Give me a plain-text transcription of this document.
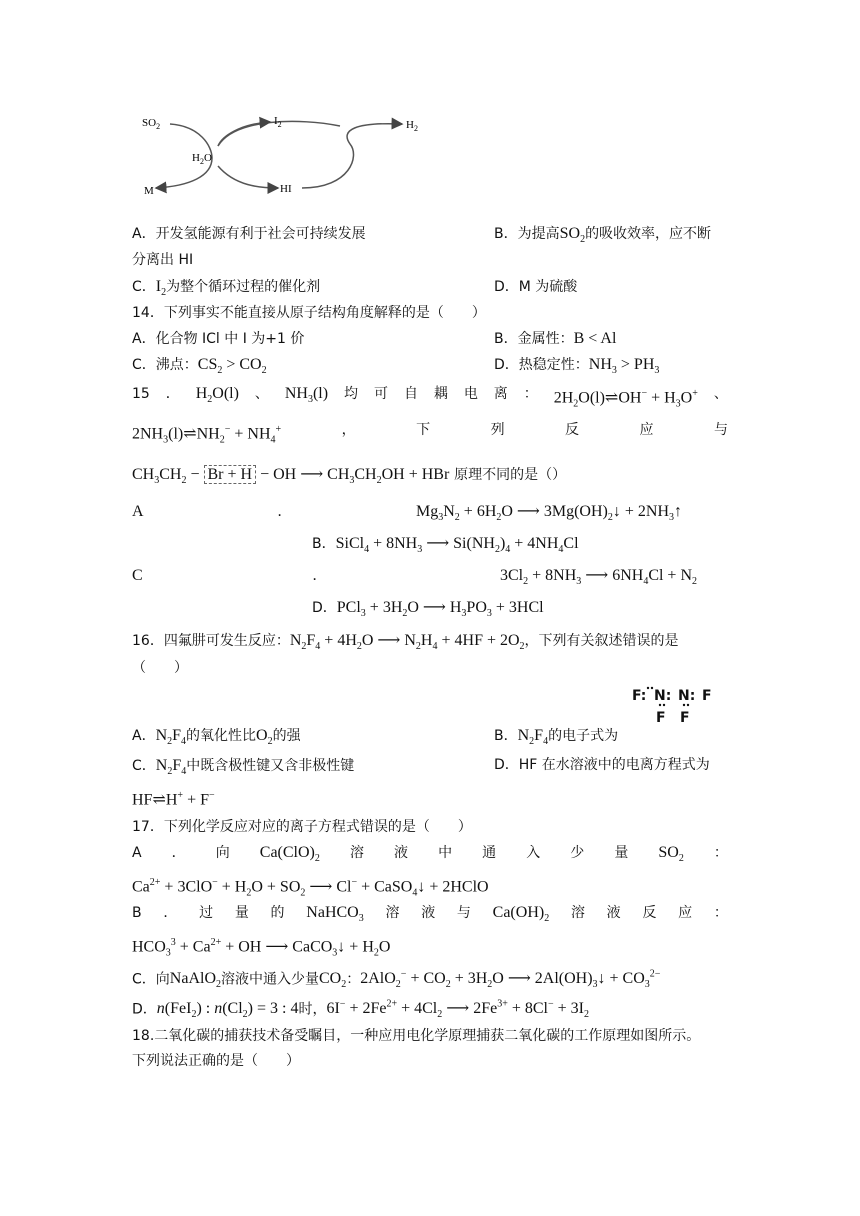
$SO_2$
$H_2O$
M
$I_2$
HI
$H_2$
A．开发氢能源有利于社会可持续发展	B．为提高$SO_2$的吸收效率，应不断
分离出 HI
C．$I_2$为整个循环过程的催化剂	D．M 为硫酸
14．下列事实不能直接从原子结构角度解释的是（　　）
A．化合物 ICl 中 I 为+1 价	B．金属性：B < Al
C．沸点：$CS_2 > CO_2$	D．热稳定性：$NH_3 > PH_3$
15 ． $H_2O(l)$ 、 $NH_3(l)$ 均 可 自 耦 电 离 ： $2H_2O(l)\rightleftharpoons OH^- + H_3O^+$ 、
$2NH_3(l)\rightleftharpoons NH_2^- + NH_4^+$	，	下	列	反	应	与
$CH_3CH_2 - Br + H$ − OH ⟶ $CH_3CH_2OH$ + HBr 原理不同的是（）
A	.	$Mg_3N_2 + 6H_2O$ ⟶ $3Mg(OH)_2↓$ + $2NH_3↑$
B．SiCl$_4$ + $8NH_3$ ⟶ $Si(NH_2)_4 + 4NH_4Cl$
C	.	$3Cl_2 + 8NH_3$ ⟶ $6NH_4Cl + N_2$
D．$PCl_3 + 3H_2O$ ⟶ $H_3PO_3 + 3HCl$
16．四氟肼可发生反应：$N_2F_4 + 4H_2O$ ⟶ $N_2H_4 + 4HF + 2O_2$，下列有关叙述错误的是
（　　）
F: N: N: F
F F
A．$N_2F_4$的氧化性比$O_2$的强	B．$N_2F_4$的电子式为
C．$N_2F_4$中既含极性键又含非极性键	D．HF 在水溶液中的电离方程式为
HF⇌H+ + F−
17．下列化学反应对应的离子方程式错误的是（　　）
A ． 向 $Ca(ClO)_2$ 溶 液 中 通 入 少 量 $SO_2$ ：
$Ca^{2+} + 3ClO^- + H_2O + SO_2$ ⟶ Cl− + CaSO$_4$↓ + 2HClO
B ． 过 量 的 NaHCO$_3$ 溶 液 与 $Ca(OH)_2$ 溶 液 反 应 ：
$HCO_3^3 + Ca^{2+}$ + OH ⟶ CaCO$_3$↓ + $H_2O$
C．向NaAlO$_2$溶液中通入少量$CO_2$：$2AlO_2^- + CO_2 + 3H_2O$ ⟶ $2Al(OH)_3↓ + CO_3^{2-}$
D．n(FeI$_2$) : $n(Cl_2) = 3$ : 4时，$6I^- + 2Fe^{2+} + 4Cl_2$ ⟶ $2Fe^{3+} + 8Cl^- + 3I_2$
18.二氧化碳的捕获技术备受瞩目，一种应用电化学原理捕获二氧化碳的工作原理如图所示。
下列说法正确的是（　　）
